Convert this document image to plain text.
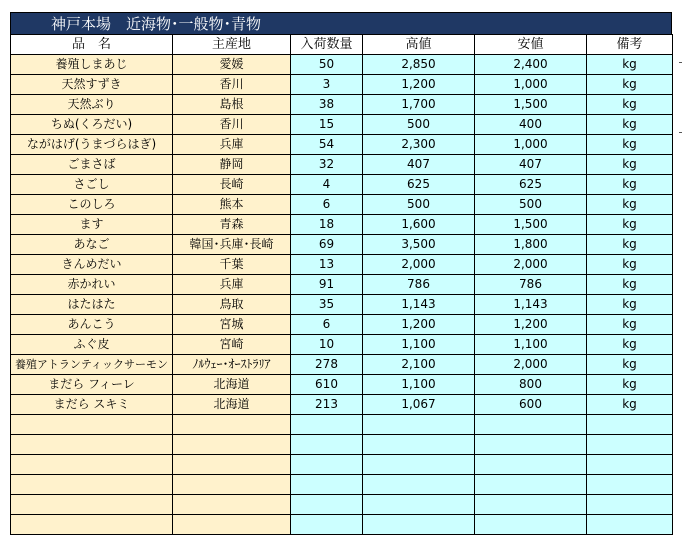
神戸本場　近海物･一般物･青物
品　名	主産地	入荷数量	高値	安値	備考
養殖しまあじ	愛媛	50	2,850	2,400	kg
天然すずき	香川	3	1,200	1,000	kg
天然ぶり	島根	38	1,700	1,500	kg
ちぬ(くろだい)	香川	15	500	400	kg
ながはげ(うまづらはぎ)	兵庫	54	2,300	1,000	kg
ごまさば	静岡	32	407	407	kg
さごし	長崎	4	625	625	kg
このしろ	熊本	6	500	500	kg
ます	青森	18	1,600	1,500	kg
あなご	韓国･兵庫･長崎	69	3,500	1,800	kg
きんめだい	千葉	13	2,000	2,000	kg
赤かれい	兵庫	91	786	786	kg
はたはた	鳥取	35	1,143	1,143	kg
あんこう	宮城	6	1,200	1,200	kg
ふぐ皮	宮崎	10	1,100	1,100	kg
養殖アトランティックサーモン	ﾉﾙｳｪｰ･ｵｰｽﾄﾗﾘｱ	278	2,100	2,000	kg
まだら フィーレ	北海道	610	1,100	800	kg
まだら スキミ	北海道	213	1,067	600	kg
